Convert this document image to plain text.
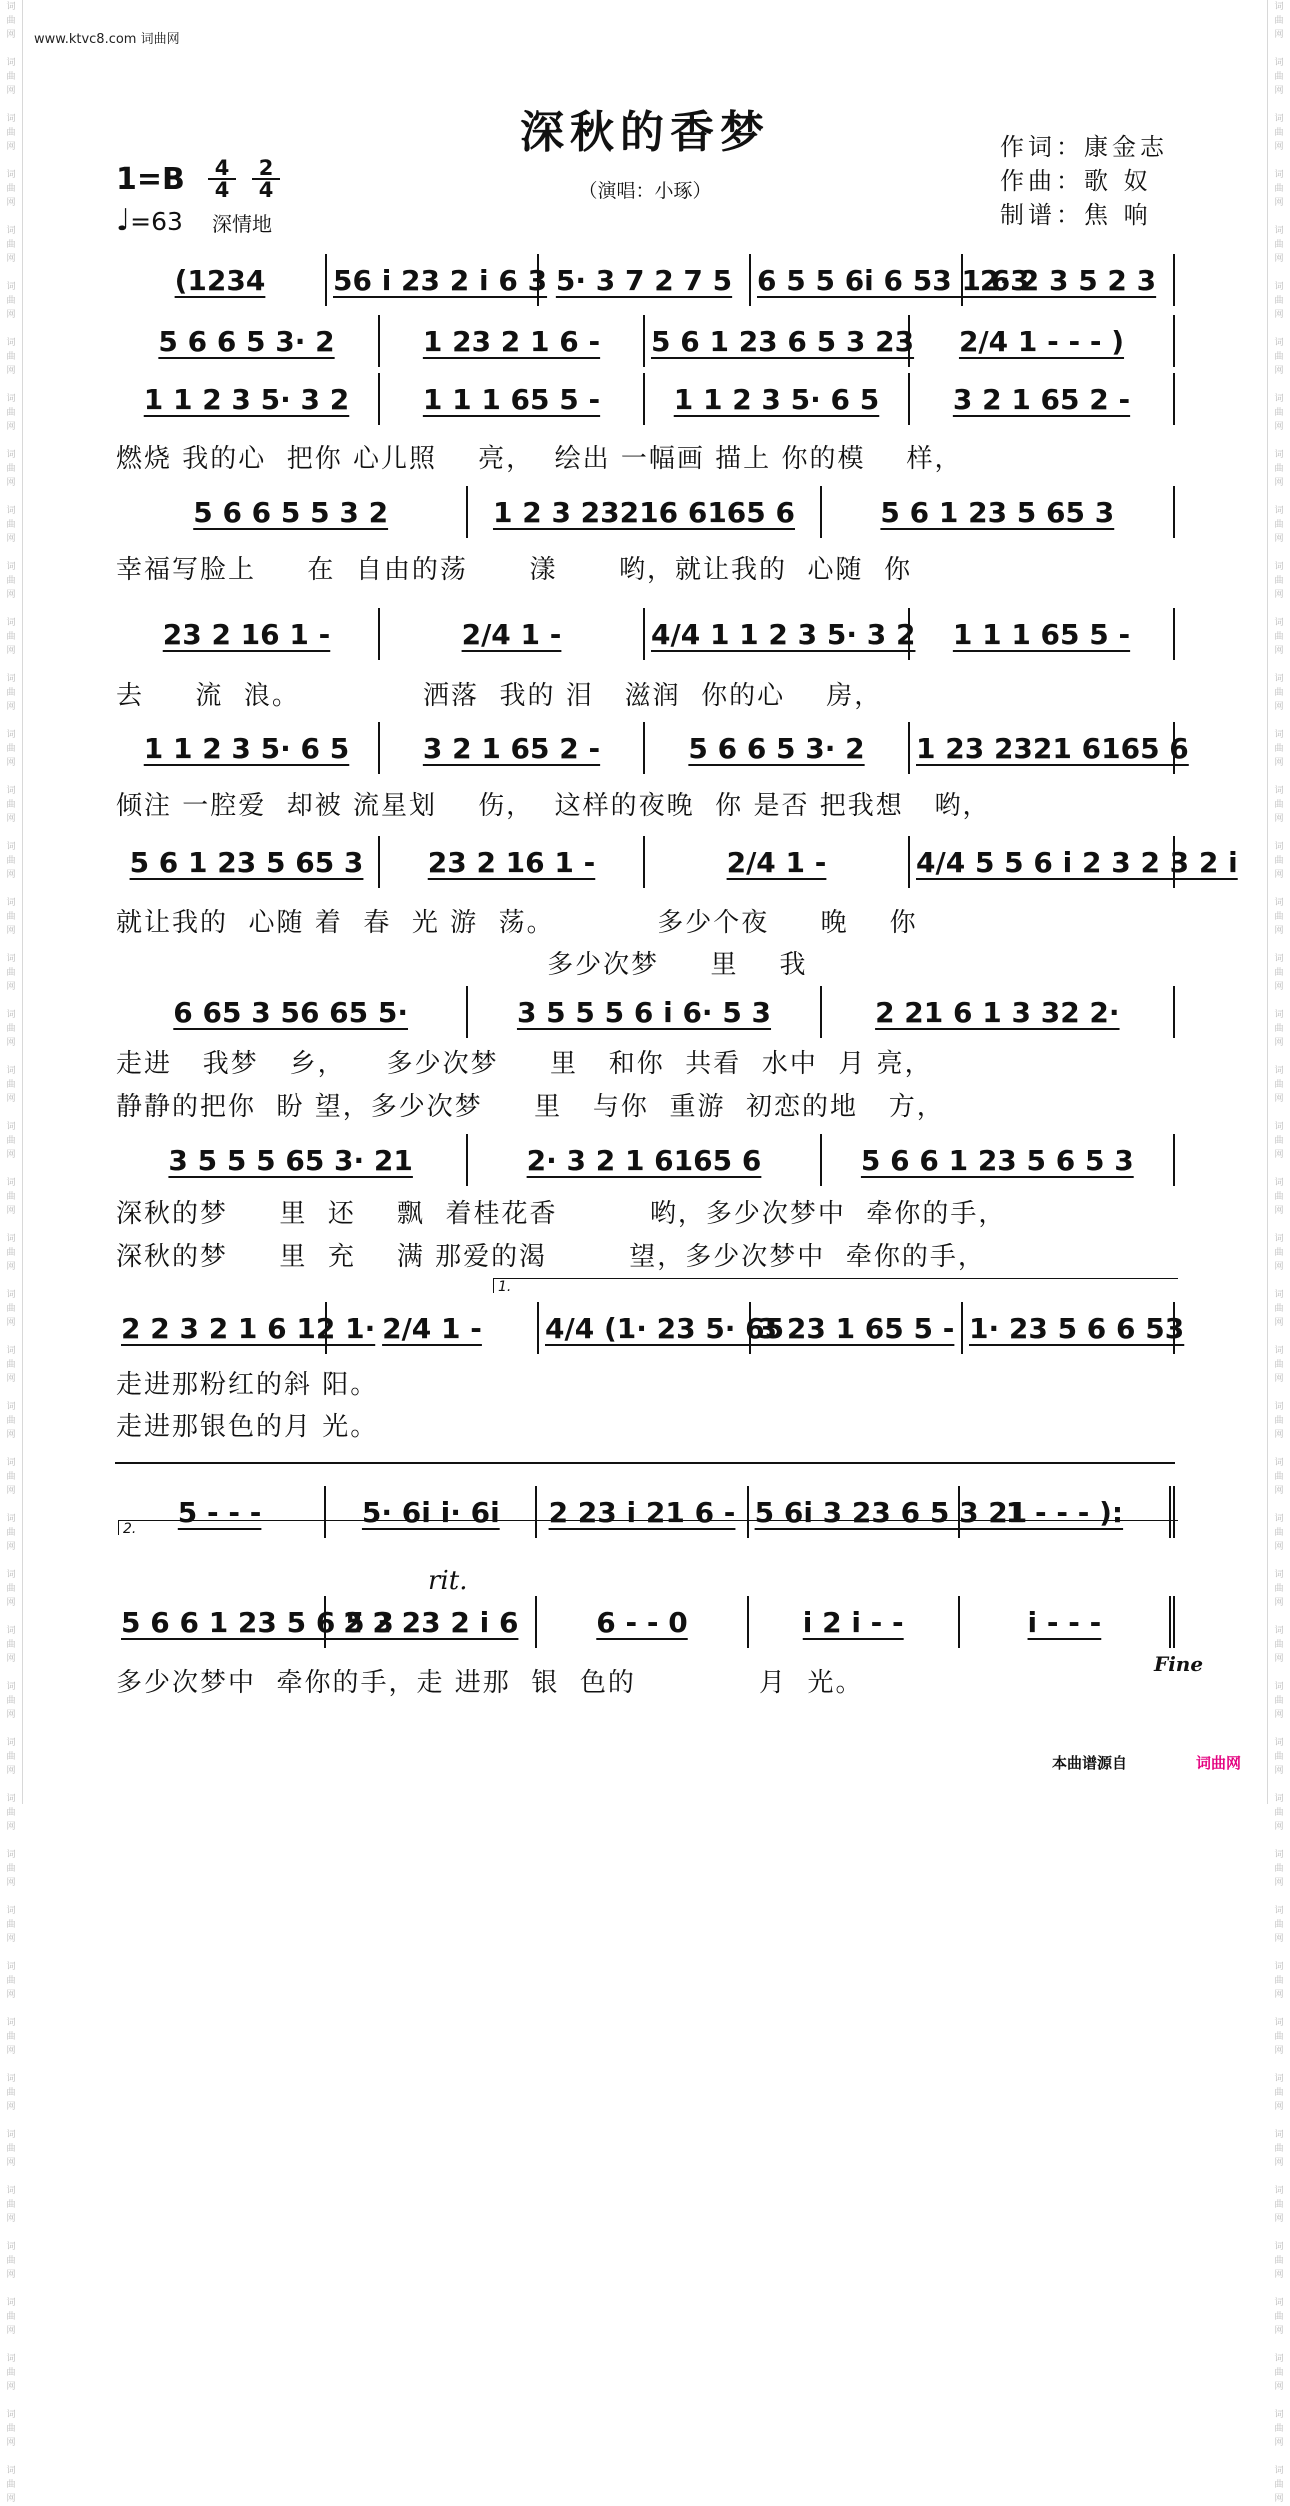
词
曲
网

词
曲
网

词
曲
网

词
曲
网

词
曲
网

词
曲
网

词
曲
网

词
曲
网

词
曲
网

词
曲
网

词
曲
网

词
曲
网

词
曲
网

词
曲
网

词
曲
网

词
曲
网

词
曲
网

词
曲
网

词
曲
网

词
曲
网

词
曲
网

词
曲
网

词
曲
网

词
曲
网

词
曲
网

词
曲
网

词
曲
网

词
曲
网

词
曲
网

词
曲
网

词
曲
网

词
曲
网

词
曲
网

词
曲
网

词
曲
网

词
曲
网

词
曲
网

词
曲
网

词
曲
网

词
曲
网

词
曲
网

词
曲
网

词
曲
网

词
曲
网

词
曲
网
词
曲
网

词
曲
网

词
曲
网

词
曲
网

词
曲
网

词
曲
网

词
曲
网

词
曲
网

词
曲
网

词
曲
网

词
曲
网

词
曲
网

词
曲
网

词
曲
网

词
曲
网

词
曲
网

词
曲
网

词
曲
网

词
曲
网

词
曲
网

词
曲
网

词
曲
网

词
曲
网

词
曲
网

词
曲
网

词
曲
网

词
曲
网

词
曲
网

词
曲
网

词
曲
网

词
曲
网

词
曲
网

词
曲
网

词
曲
网

词
曲
网

词
曲
网

词
曲
网

词
曲
网

词
曲
网

词
曲
网

词
曲
网

词
曲
网

词
曲
网

词
曲
网

词
曲
网
www.ktvc8.com 词曲网
深秋的香梦
（演唱：小琢）
作词：康金志
作曲：歌 奴
制谱：焦 响
$1=B \frac{4}{4} \frac{2}{4}$
♩=63 深情地
(1234	56 i 23 2 i 6 3 5· 3 7 2 7 5 6 5 5 6i 6 53 1 63
2· 2 3 5 2 3
5 6 6 5 3· 2	1 23 2 1 6 -	5 6 1 23 6 5 3 23	2/4 1 - - - )
1 1 2 3 5· 3 2	1 1 1 65 5 -	1 1 2 3 5· 6 5	3 2 1 65 2 -
燃烧 我的心  把你 心儿照    亮，  绘出 一幅画 描上 你的模    样，
5 6 6 5 5 3 2	1 2 3 23216 6165 6	5 6 1 23 5 65 3
幸福写脸上     在  自由的荡      漾      哟，就让我的  心随  你
23 2 16 1 -	2/4 1 -	4/4 1 1 2 3 5· 3 2	1 1 1 65 5 -
去     流  浪。            洒落  我的 泪   滋润  你的心    房，
1 1 2 3 5· 6 5	3 2 1 65 2 -	5 6 6 5 3· 2	1 23 2321 6165 6
倾注 一腔爱  却被 流星划    伤，  这样的夜晚  你 是否 把我想   哟，
5 6 1 23 5 65 3	23 2 16 1 -	2/4 1 -	4/4 5 5 6 i 2 3 2 3 2 i
就让我的  心随 着  春  光 游  荡。          多少个夜     晚    你
多少次梦     里    我
6 65 3 56 65 5·	3 5 5 5 6 i 6· 5 3	2 21 6 1 3 32 2·
走进   我梦   乡，    多少次梦     里   和你  共看  水中  月 亮，
静静的把你  盼 望，多少次梦     里   与你  重游  初恋的地   方，
3 5 5 5 65 3· 21	2· 3 2 1 6165 6	5 6 6 1 23 5 6 5 3
深秋的梦     里  还    飘  着桂花香         哟，多少次梦中  牵你的手，
深秋的梦     里  充    满 那爱的渴        望，多少次梦中  牵你的手，
1.
2 2 3 2 1 6 12 1· 2/4 1 -	4/4 (1· 23 5· 65
3 23 1 65 5 - 1· 23 5 6 6 53
走进那粉红的斜 阳。
走进那银色的月 光。
5 - - -	5· 6i i· 6i	2 23 i 21 6 - 5 6i 3 23 6 5 3 21
1 - - - ):
2.
rit.
5 6 6 1 23 5 6 5 3
2 2 23 2 i 6	6 - - 0	i 2 i - -	i - - -
Fine
多少次梦中  牵你的手，走 进那  银  色的            月  光。
本曲谱源自	词曲网
